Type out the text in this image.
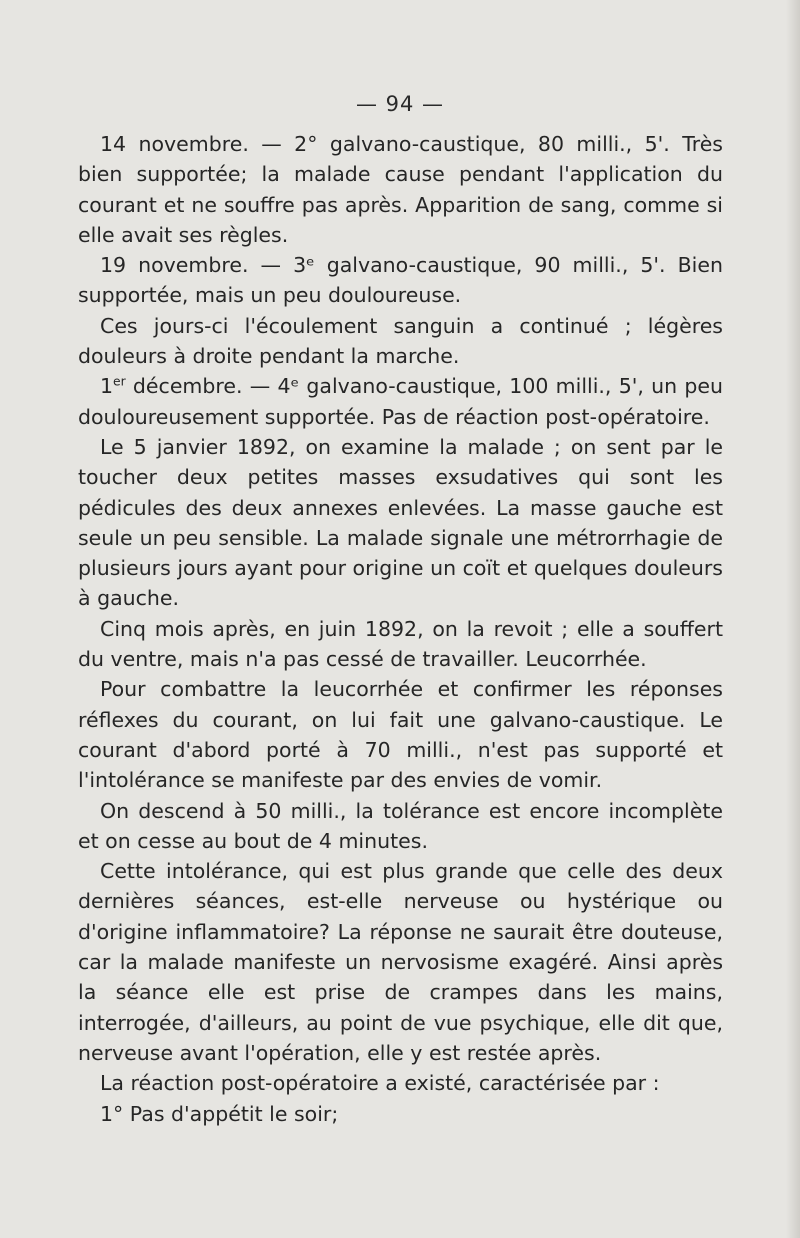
— 94 —

14 novembre. — 2° galvano-caustique, 80 milli., 5'. Très bien supportée; la malade cause pendant l'application du courant et ne souffre pas après. Apparition de sang, comme si elle avait ses règles.

19 novembre. — 3ᵉ galvano-caustique, 90 milli., 5'. Bien supportée, mais un peu douloureuse.

Ces jours-ci l'écoulement sanguin a continué ; légères douleurs à droite pendant la marche.

1er décembre. — 4ᵉ galvano-caustique, 100 milli., 5', un peu douloureusement supportée. Pas de réaction post-opératoire.

Le 5 janvier 1892, on examine la malade ; on sent par le toucher deux petites masses exsudatives qui sont les pédicules des deux annexes enlevées. La masse gauche est seule un peu sensible. La malade signale une métrorrhagie de plusieurs jours ayant pour origine un coït et quelques douleurs à gauche.

Cinq mois après, en juin 1892, on la revoit ; elle a souffert du ventre, mais n'a pas cessé de travailler. Leucorrhée.

Pour combattre la leucorrhée et confirmer les réponses réflexes du courant, on lui fait une galvano-caustique. Le courant d'abord porté à 70 milli., n'est pas supporté et l'intolérance se manifeste par des envies de vomir.

On descend à 50 milli., la tolérance est encore incomplète et on cesse au bout de 4 minutes.

Cette intolérance, qui est plus grande que celle des deux dernières séances, est-elle nerveuse ou hystérique ou d'origine inflammatoire? La réponse ne saurait être douteuse, car la malade manifeste un nervosisme exagéré. Ainsi après la séance elle est prise de crampes dans les mains, interrogée, d'ailleurs, au point de vue psychique, elle dit que, nerveuse avant l'opération, elle y est restée après.

La réaction post-opératoire a existé, caractérisée par :

1° Pas d'appétit le soir;
